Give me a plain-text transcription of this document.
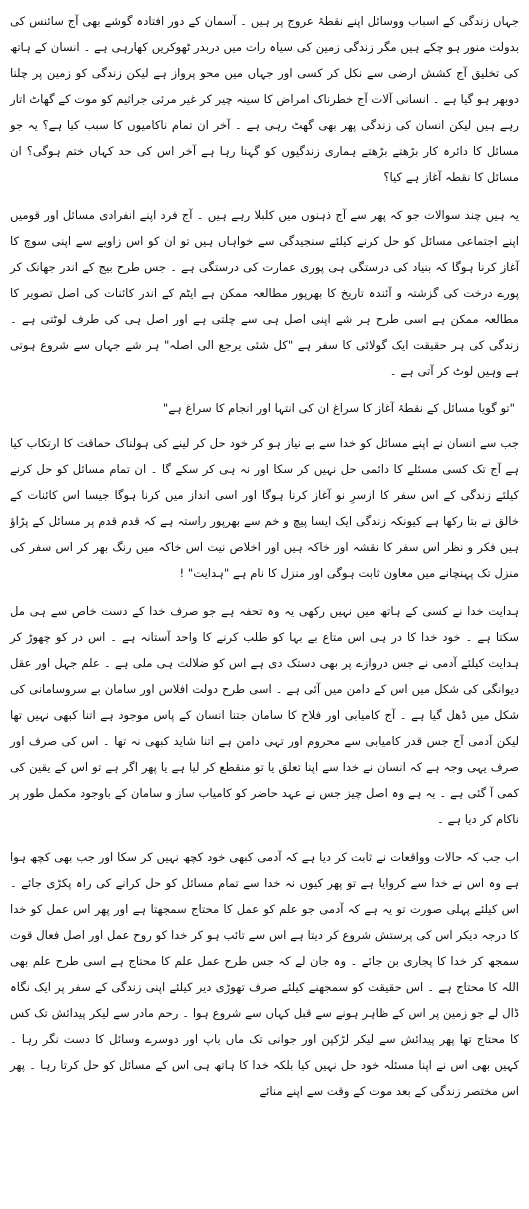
جہاں زندگی کے اسباب ووسائل اپنے نقطۂ عروج پر ہیں ۔ آسمان کے دور افتادہ گوشے بھی آج سائنس کی بدولت منور ہو چکے ہیں مگر زندگی زمین کی سیاہ رات میں دربدر ٹھوکریں کھارہی ہے ۔ انسان کے ہاتھ کی تخلیق آج کشش ارضی سے نکل کر کسی اور جہاں میں محو پرواز ہے لیکن زندگی کو زمین پر چلنا دوبھر ہو گیا ہے ۔ انسانی آلات آج خطرناک امراض کا سینہ چیر کر غیر مرئی جراثیم کو موت کے گھاٹ اتار رہے ہیں لیکن انسان کی زندگی پھر بھی گھٹ رہی ہے ۔ آخر ان تمام ناکامیوں کا سبب کیا ہے؟ یہ جو مسائل کا دائرہ کار بڑھتے بڑھتے ہماری زندگیوں کو گہنا رہا ہے آخر اس کی حد کہاں ختم ہوگی؟ ان مسائل کا نقطہ آغاز ہے کیا؟

یہ ہیں چند سوالات جو کہ پھر سے آج ذہنوں میں کلبلا رہے ہیں ۔ آج فرد اپنے انفرادی مسائل اور قومیں اپنے اجتماعی مسائل کو حل کرنے کیلئے سنجیدگی سے خواہاں ہیں تو ان کو اس زاویے سے اپنی سوچ کا آغاز کرنا ہوگا کہ بنیاد کی درستگی ہی پوری عمارت کی درستگی ہے ۔ جس طرح بیج کے اندر جھانک کر پورے درخت کی گزشتہ و آئندہ تاریخ کا بھرپور مطالعہ ممکن ہے ایٹم کے اندر کائنات کی اصل تصویر کا مطالعہ ممکن ہے اسی طرح ہر شے اپنی اصل ہی سے چلتی ہے اور اصل ہی کی طرف لوٹتی ہے ۔ زندگی کی ہر حقیقت ایک گولائی کا سفر ہے "کل شئی یرجع الی اصلہ" ہر شے جہاں سے شروع ہوتی ہے وہیں لوٹ کر آتی ہے ۔

"تو گویا مسائل کے نقطۂ آغاز کا سراغ ان کی انتہا اور انجام کا سراغ ہے"

جب سے انسان نے اپنے مسائل کو خدا سے بے نیاز ہو کر خود حل کر لینے کی ہولناک حماقت کا ارتکاب کیا ہے آج تک کسی مسئلے کا دائمی حل نہیں کر سکا اور نہ ہی کر سکے گا ۔ ان تمام مسائل کو حل کرنے کیلئے زندگی کے اس سفر کا ازسرِ نو آغاز کرنا ہوگا اور اسی انداز میں کرنا ہوگا جیسا اس کائنات کے خالق نے بتا رکھا ہے کیونکہ زندگی ایک ایسا پیچ و خم سے بھرپور راستہ ہے کہ قدم قدم پر مسائل کے پڑاؤ ہیں فکر و نظر اس سفر کا نقشہ اور خاکہ ہیں اور اخلاص نیت اس خاکہ میں رنگ بھر کر اس سفر کی منزل تک پہنچانے میں معاون ثابت ہوگی اور منزل کا نام ہے "ہدایت" !

ہدایت خدا نے کسی کے ہاتھ میں نہیں رکھی یہ وہ تحفہ ہے جو صرف خدا کے دست خاص سے ہی مل سکتا ہے ۔ خود خدا کا در ہی اس متاع بے بہا کو طلب کرنے کا واحد آستانہ ہے ۔ اس در کو چھوڑ کر ہدایت کیلئے آدمی نے جس دروازے پر بھی دستک دی ہے اس کو ضلالت ہی ملی ہے ۔ علم جہل اور عقل دیوانگی کی شکل میں اس کے دامن میں آئی ہے ۔ اسی طرح دولت افلاس اور سامان بے سروسامانی کی شکل میں ڈھل گیا ہے ۔ آج کامیابی اور فلاح کا سامان جتنا انسان کے پاس موجود ہے اتنا کبھی نہیں تھا لیکن آدمی آج جس قدر کامیابی سے محروم اور تہی دامن ہے اتنا شاید کبھی نہ تھا ۔ اس کی صرف اور صرف یہی وجہ ہے کہ انسان نے خدا سے اپنا تعلق یا تو منقطع کر لیا ہے یا پھر اگر ہے تو اس کے یقین کی کمی آ گئی ہے ۔ یہ ہے وہ اصل چیز جس نے عہد حاضر کو کامیاب ساز و سامان کے باوجود مکمل طور پر ناکام کر دیا ہے ۔

اب جب کہ حالات وواقعات نے ثابت کر دیا ہے کہ آدمی کبھی خود کچھ نہیں کر سکا اور جب بھی کچھ ہوا ہے وہ اس نے خدا سے کروایا ہے تو پھر کیوں نہ خدا سے تمام مسائل کو حل کرانے کی راہ پکڑی جائے ۔ اس کیلئے پہلی صورت تو یہ ہے کہ آدمی جو علم کو عمل کا محتاج سمجھتا ہے اور پھر اس عمل کو خدا کا درجہ دیکر اس کی پرستش شروع کر دیتا ہے اس سے تائب ہو کر خدا کو روح عمل اور اصل فعال قوت سمجھ کر خدا کا پجاری بن جائے ۔ وہ جان لے کہ جس طرح عمل علم کا محتاج ہے اسی طرح علم بھی اللہ کا محتاج ہے ۔ اس حقیقت کو سمجھنے کیلئے صرف تھوڑی دیر کیلئے اپنی زندگی کے سفر پر ایک نگاہ ڈال لے جو زمین پر اس کے ظاہر ہونے سے قبل کہاں سے شروع ہوا ۔ رحم مادر سے لیکر پیدائش تک کس کا محتاج تھا پھر پیدائش سے لیکر لڑکپن اور جوانی تک ماں باپ اور دوسرے وسائل کا دست نگر رہا ۔ کہیں بھی اس نے اپنا مسئلہ خود حل نہیں کیا بلکہ خدا کا ہاتھ ہی اس کے مسائل کو حل کرتا رہا ۔ پھر اس مختصر زندگی کے بعد موت کے وقت سے اپنے منائے
